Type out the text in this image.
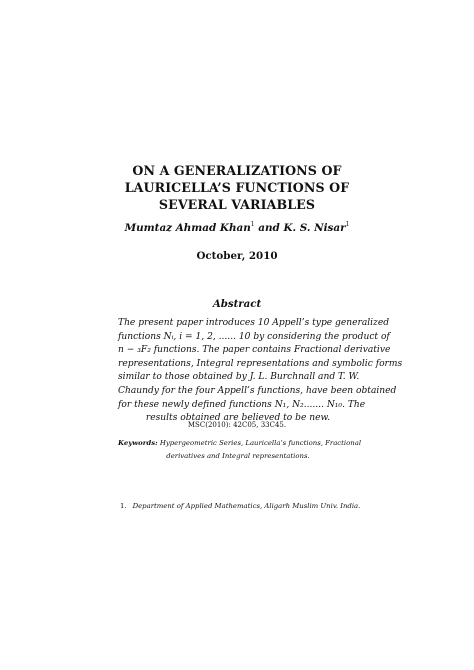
ON A GENERALIZATIONS OF
LAURICELLA’S FUNCTIONS OF
SEVERAL VARIABLES
Mumtaz Ahmad Khan$^1$ and K. S. Nisar$^1$
October, 2010
Abstract
The present paper introduces 10 Appell’s type generalized
functions Nᵢ, i = 1, 2, ...... 10 by considering the product of
n − ₃F₂ functions. The paper contains Fractional derivative
representations, Integral representations and symbolic forms
similar to those obtained by J. L. Burchnall and T. W.
Chaundy for the four Appell’s functions, have been obtained
for these newly defined functions N₁, N₂....... N₁₀. The
results obtained are believed to be new.
MSC(2010): 42C05, 33C45.
Keywords: Hypergeometric Series, Lauricella’s functions, Fractional
derivatives and Integral representations.
1. Department of Applied Mathematics, Aligarh Muslim Univ. India.
